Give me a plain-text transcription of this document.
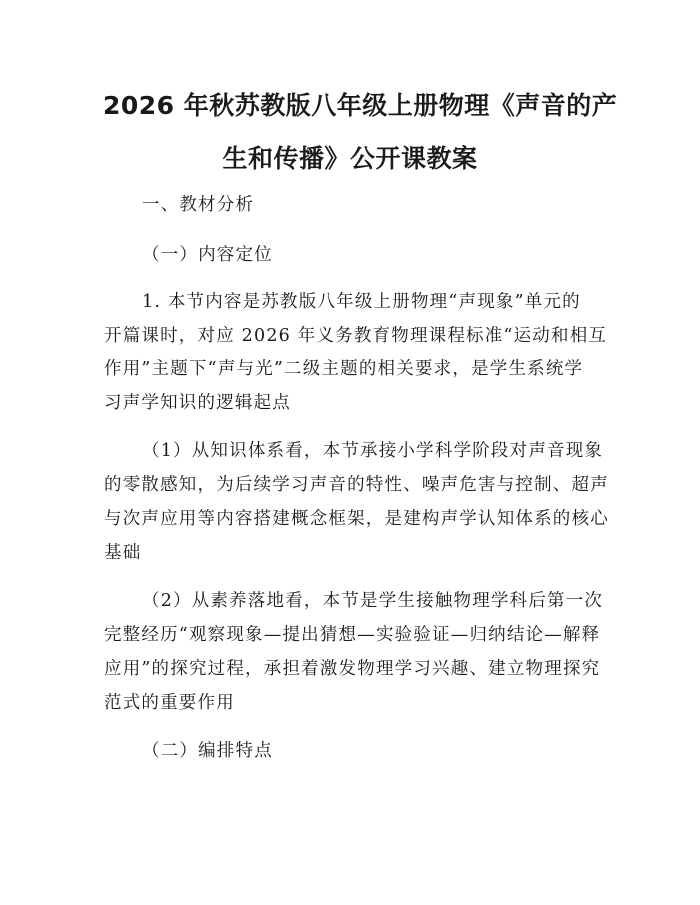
2026 年秋苏教版八年级上册物理《声音的产
生和传播》公开课教案
一、教材分析
（一）内容定位
1. 本节内容是苏教版八年级上册物理“声现象”单元的
开篇课时，对应 2026 年义务教育物理课程标准“运动和相互
作用”主题下“声与光”二级主题的相关要求，是学生系统学
习声学知识的逻辑起点
（1）从知识体系看，本节承接小学科学阶段对声音现象
的零散感知，为后续学习声音的特性、噪声危害与控制、超声
与次声应用等内容搭建概念框架，是建构声学认知体系的核心
基础
（2）从素养落地看，本节是学生接触物理学科后第一次
完整经历“观察现象—提出猜想—实验验证—归纳结论—解释
应用”的探究过程，承担着激发物理学习兴趣、建立物理探究
范式的重要作用
（二）编排特点
